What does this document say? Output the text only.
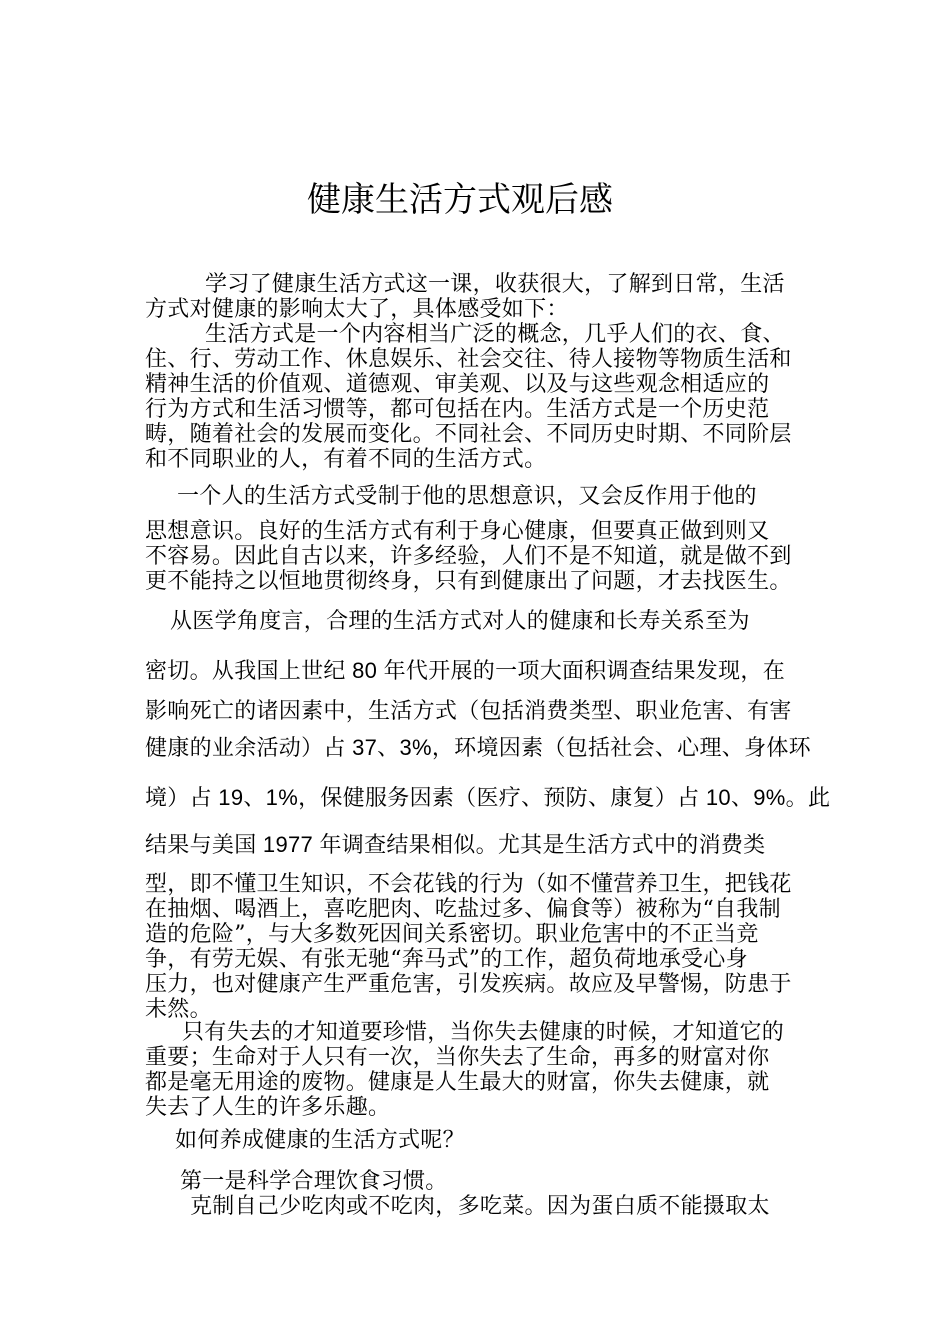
健康生活方式观后感
学习了健康生活方式这一课，收获很大，了解到日常，生活
方式对健康的影响太大了，具体感受如下：
生活方式是一个内容相当广泛的概念，几乎人们的衣、食、
住、行、劳动工作、休息娱乐、社会交往、待人接物等物质生活和
精神生活的价值观、道德观、审美观、以及与这些观念相适应的
行为方式和生活习惯等，都可包括在内。生活方式是一个历史范
畴，随着社会的发展而变化。不同社会、不同历史时期、不同阶层
和不同职业的人，有着不同的生活方式。
一个人的生活方式受制于他的思想意识，又会反作用于他的
思想意识。良好的生活方式有利于身心健康，但要真正做到则又
不容易。因此自古以来，许多经验，人们不是不知道，就是做不到
更不能持之以恒地贯彻终身，只有到健康出了问题，才去找医生。
从医学角度言，合理的生活方式对人的健康和长寿关系至为
密切。从我国上世纪 80 年代开展的一项大面积调查结果发现，在
影响死亡的诸因素中，生活方式（包括消费类型、职业危害、有害
健康的业余活动）占 37、3%，环境因素（包括社会、心理、身体环
境）占 19、1%，保健服务因素（医疗、预防、康复）占 10、9%。此
结果与美国 1977 年调查结果相似。尤其是生活方式中的消费类
型，即不懂卫生知识，不会花钱的行为（如不懂营养卫生，把钱花
在抽烟、喝酒上，喜吃肥肉、吃盐过多、偏食等）被称为“自我制
造的危险”，与大多数死因间关系密切。职业危害中的不正当竞
争，有劳无娱、有张无驰“奔马式”的工作，超负荷地承受心身
压力，也对健康产生严重危害，引发疾病。故应及早警惕，防患于
未然。
只有失去的才知道要珍惜，当你失去健康的时候，才知道它的
重要；生命对于人只有一次，当你失去了生命，再多的财富对你
都是毫无用途的废物。健康是人生最大的财富，你失去健康，就
失去了人生的许多乐趣。
如何养成健康的生活方式呢？
第一是科学合理饮食习惯。
克制自己少吃肉或不吃肉，多吃菜。因为蛋白质不能摄取太
